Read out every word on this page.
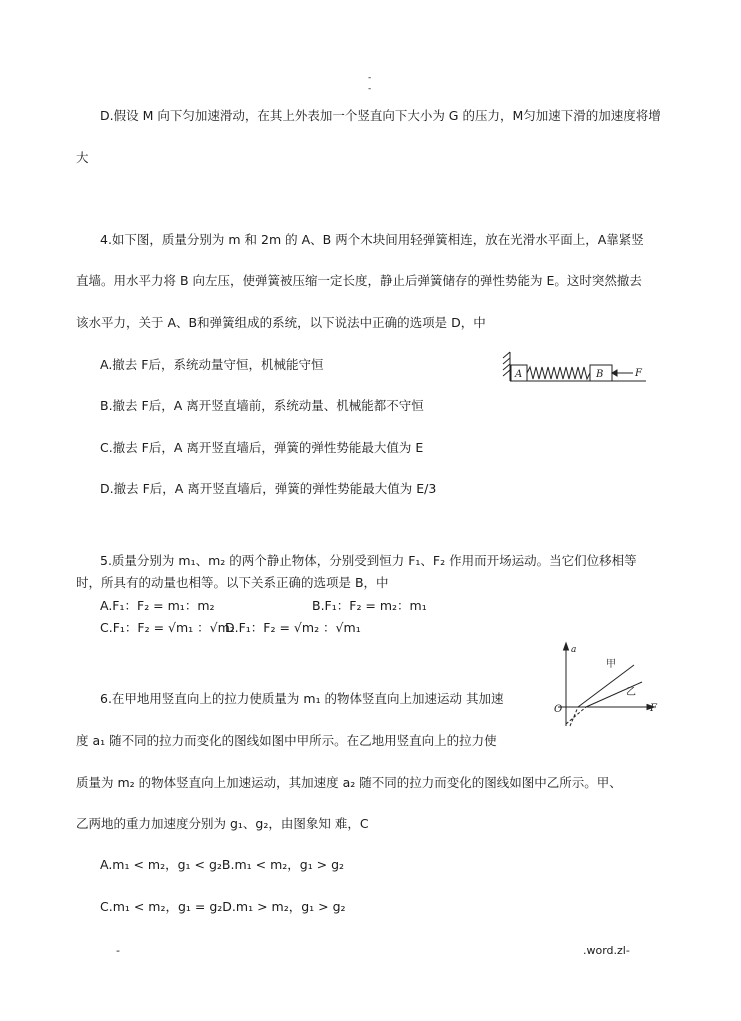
-
-
D.假设 M 向下匀加速滑动，在其上外表加一个竖直向下大小为 G 的压力，M匀加速下滑的加速度将增
大
4.如下图，质量分别为 m 和 2m 的 A、B 两个木块间用轻弹簧相连，放在光滑水平面上，A靠紧竖
直墙。用水平力将 B 向左压，使弹簧被压缩一定长度，静止后弹簧储存的弹性势能为 E。这时突然撤去
该水平力，关于 A、B和弹簧组成的系统，以下说法中正确的选项是 D，中
A.撤去 F后，系统动量守恒，机械能守恒
B.撤去 F后，A 离开竖直墙前，系统动量、机械能都不守恒
C.撤去 F后，A 离开竖直墙后，弹簧的弹性势能最大值为 E
D.撤去 F后，A 离开竖直墙后，弹簧的弹性势能最大值为 E/3
A	B	F
5.质量分别为 m₁、m₂ 的两个静止物体，分别受到恒力 F₁、F₂ 作用而开场运动。当它们位移相等
时，所具有的动量也相等。以下关系正确的选项是 B，中
A.F₁：F₂ = m₁：m₂	B.F₁：F₂ = m₂：m₁
C.F₁：F₂ = √m₁ ：√m₂
D.F₁：F₂ = √m₂ ：√m₁
6.在甲地用竖直向上的拉力使质量为 m₁ 的物体竖直向上加速运动 其加速
度 a₁ 随不同的拉力而变化的图线如图中甲所示。在乙地用竖直向上的拉力使
质量为 m₂ 的物体竖直向上加速运动，其加速度 a₂ 随不同的拉力而变化的图线如图中乙所示。甲、
乙两地的重力加速度分别为 g₁、g₂，由图象知 难，C
A.m₁ < m₂，g₁ < g₂B.m₁ < m₂，g₁ > g₂
C.m₁ < m₂，g₁ = g₂D.m₁ > m₂，g₁ > g₂
a
F
O
甲
乙
-	.word.zl-
